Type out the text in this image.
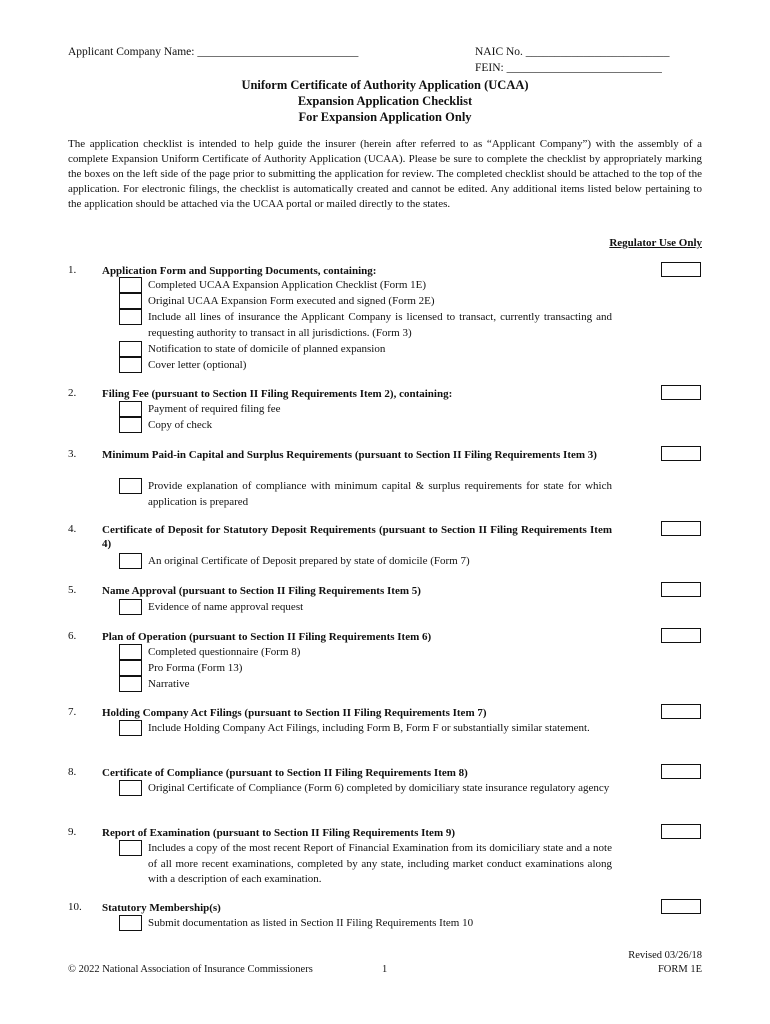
Applicant Company Name: ____________________________	NAIC No. _________________________
FEIN: ___________________________
Uniform Certificate of Authority Application (UCAA)
Expansion Application Checklist
For Expansion Application Only
The application checklist is intended to help guide the insurer (herein after referred to as “Applicant Company”) with the assembly of a complete Expansion Uniform Certificate of Authority Application (UCAA). Please be sure to complete the checklist by appropriately marking the boxes on the left side of the page prior to submitting the application for review. The completed checklist should be attached to the top of the application. For electronic filings, the checklist is automatically created and cannot be edited. Any additional items listed below pertaining to the application should be attached via the UCAA portal or mailed directly to the states.
Regulator Use Only
1. Application Form and Supporting Documents, containing:
Completed UCAA Expansion Application Checklist (Form 1E)
Original UCAA Expansion Form executed and signed (Form 2E)
Include all lines of insurance the Applicant Company is licensed to transact, currently transacting and requesting authority to transact in all jurisdictions. (Form 3)
Notification to state of domicile of planned expansion
Cover letter (optional)
2. Filing Fee (pursuant to Section II Filing Requirements Item 2), containing:
Payment of required filing fee
Copy of check
3. Minimum Paid-in Capital and Surplus Requirements (pursuant to Section II Filing Requirements Item 3)
Provide explanation of compliance with minimum capital & surplus requirements for state for which application is prepared
4. Certificate of Deposit for Statutory Deposit Requirements (pursuant to Section II Filing Requirements Item 4)
An original Certificate of Deposit prepared by state of domicile (Form 7)
5. Name Approval (pursuant to Section II Filing Requirements Item 5)
Evidence of name approval request
6. Plan of Operation (pursuant to Section II Filing Requirements Item 6)
Completed questionnaire (Form 8)
Pro Forma (Form 13)
Narrative
7. Holding Company Act Filings (pursuant to Section II Filing Requirements Item 7)
Include Holding Company Act Filings, including Form B, Form F or substantially similar statement.
8. Certificate of Compliance (pursuant to Section II Filing Requirements Item 8)
Original Certificate of Compliance (Form 6) completed by domiciliary state insurance regulatory agency
9. Report of Examination (pursuant to Section II Filing Requirements Item 9)
Includes a copy of the most recent Report of Financial Examination from its domiciliary state and a note of all more recent examinations, completed by any state, including market conduct examinations along with a description of each examination.
10. Statutory Membership(s)
Submit documentation as listed in Section II Filing Requirements Item 10
© 2022 National Association of Insurance Commissioners	1
Revised 03/26/18
FORM 1E
